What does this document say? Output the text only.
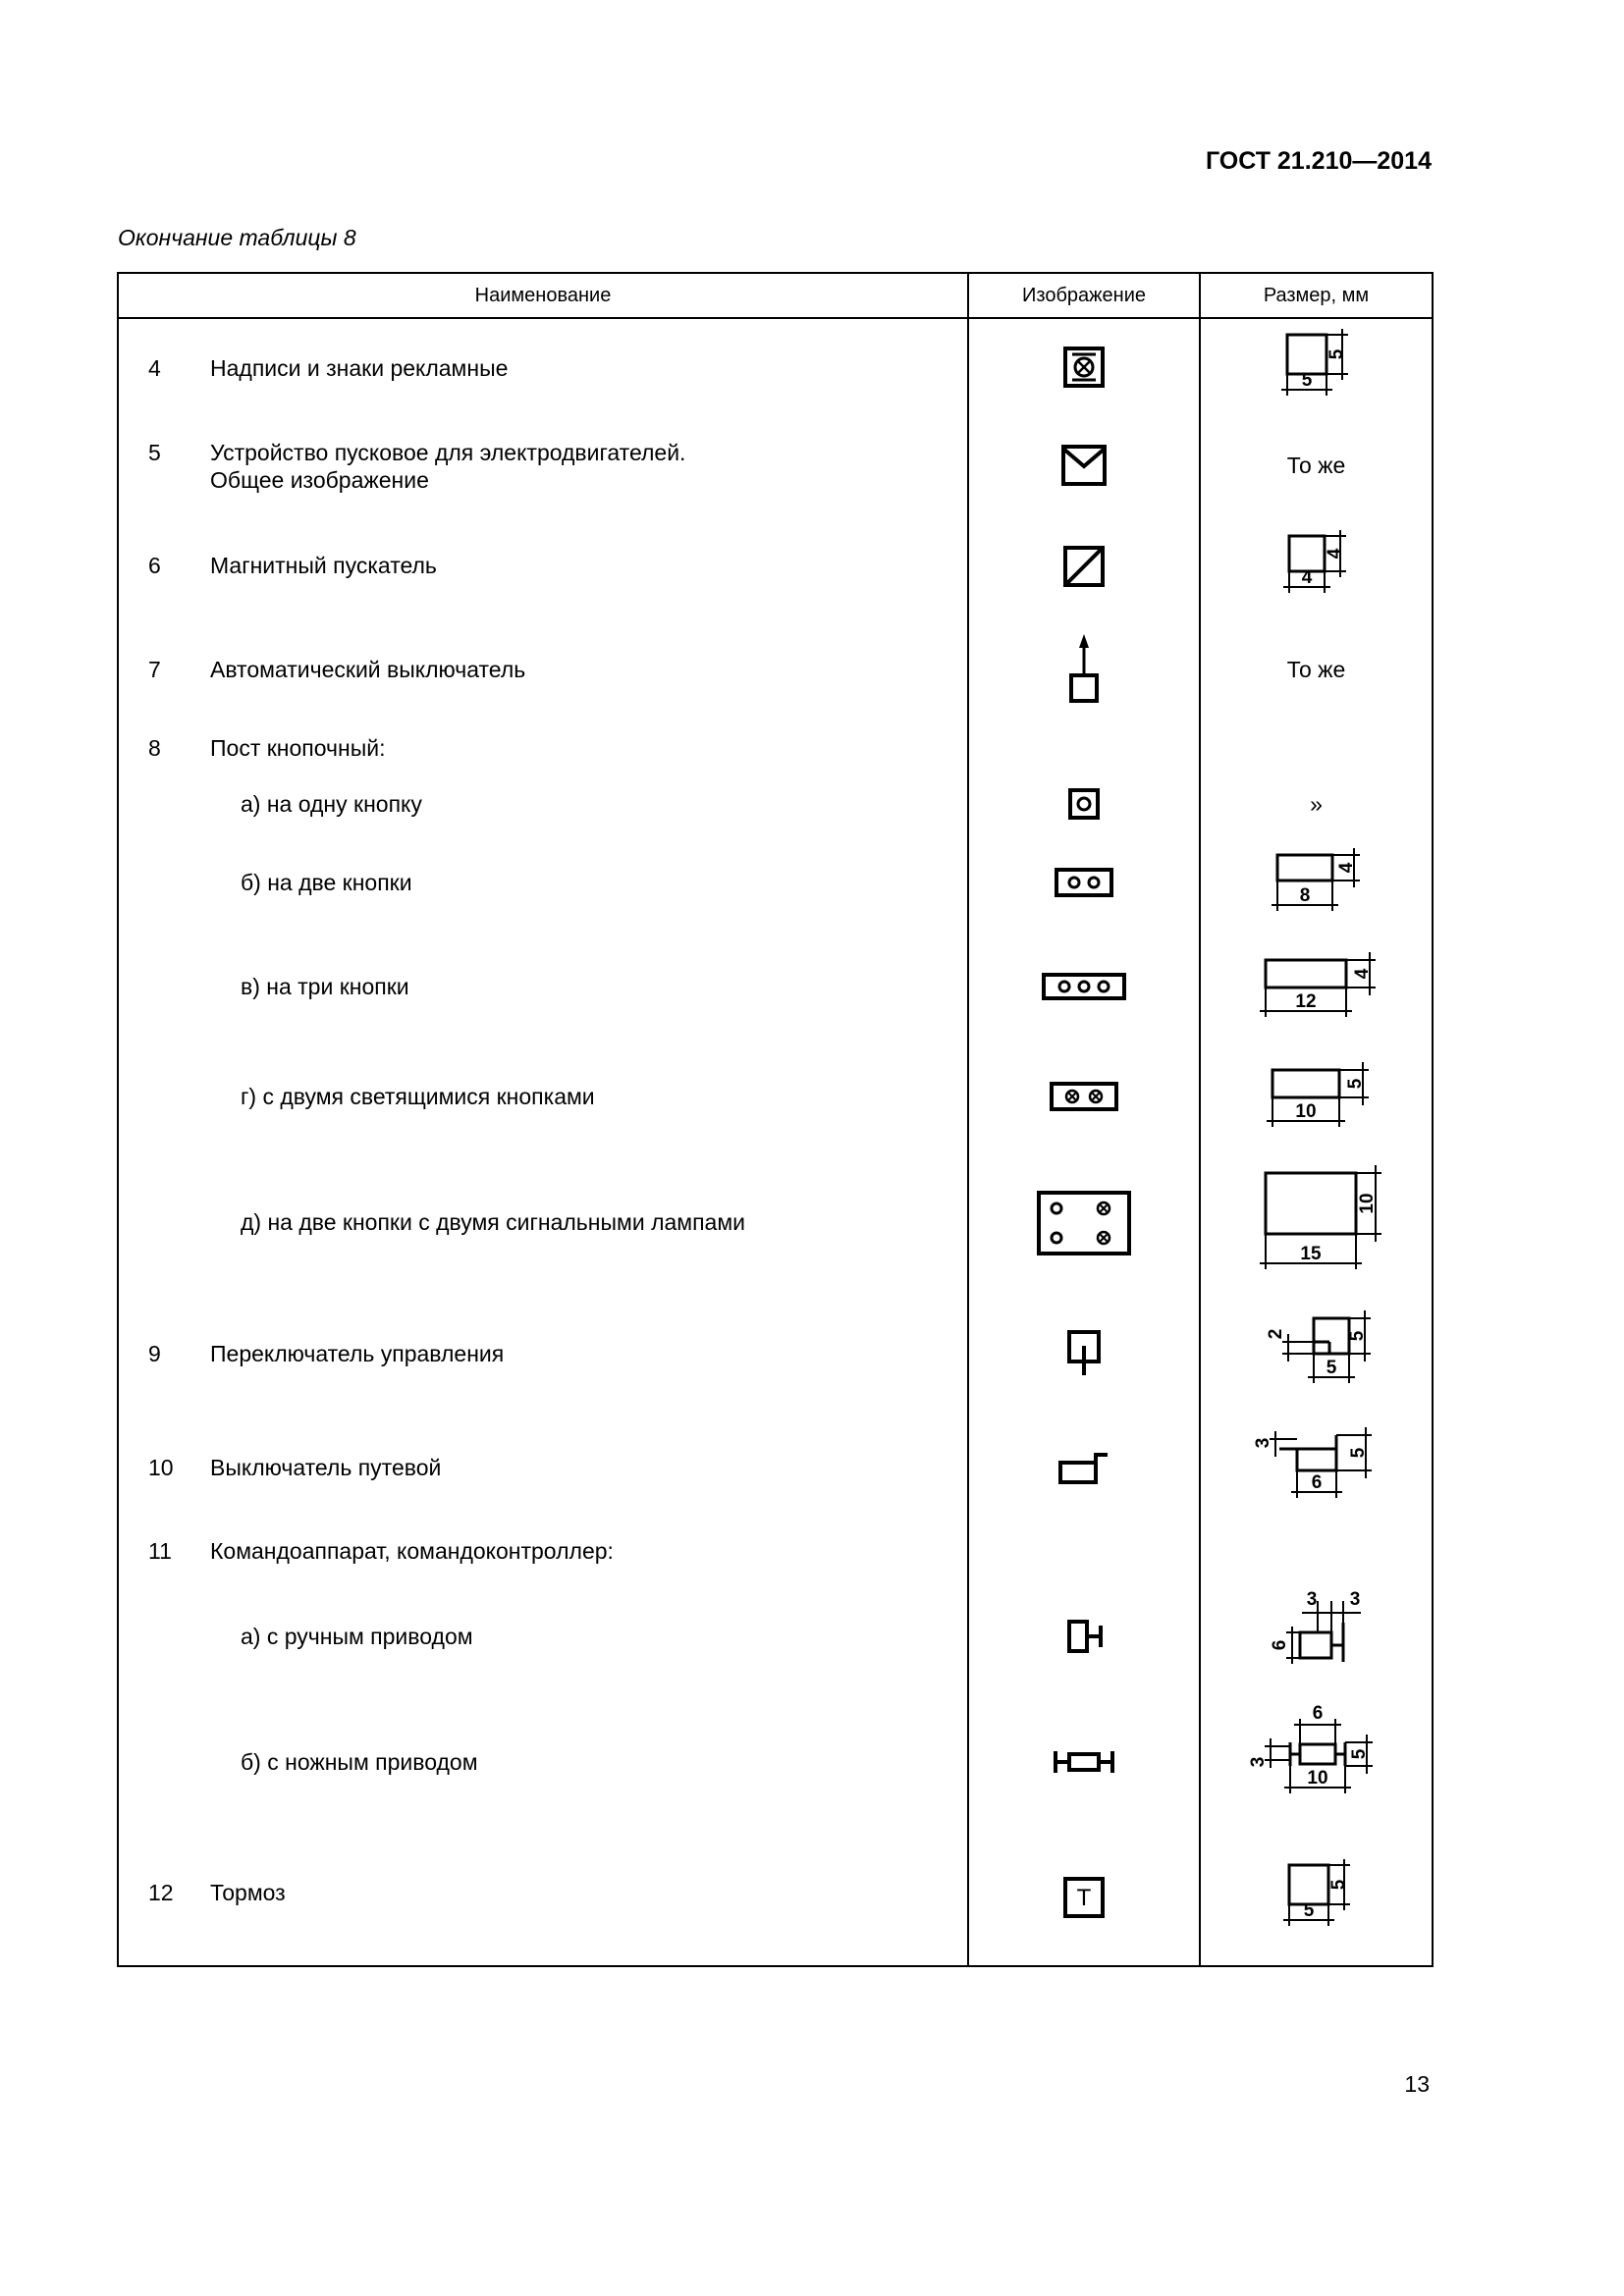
ГОСТ 21.210—2014
Окончание таблицы 8
Наименование	Изображение	Размер, мм

4 Надписи и знаки рекламные		5
5

5 Устройство пусковое для электродвигателей.
Общее изображение		То же

6 Магнитный пускатель		4
4

7 Автоматический выключатель		То же

8 Пост кнопочный:		

а) на одну кнопку		»

б) на две кнопки		8
4

в) на три кнопки		12
4

г) с двумя светящимися кнопками		10
5

д) на две кнопки с двумя сигнальными лампами		15
10

9 Переключатель управления		5
5
2

10 Выключатель путевой		6
5
3

11 Командоаппарат, командоконтроллер:		

а) с ручным приводом		3 3
6

б) с ножным приводом		6
3
10
5

12 Тормоз	Т	5
5
13
